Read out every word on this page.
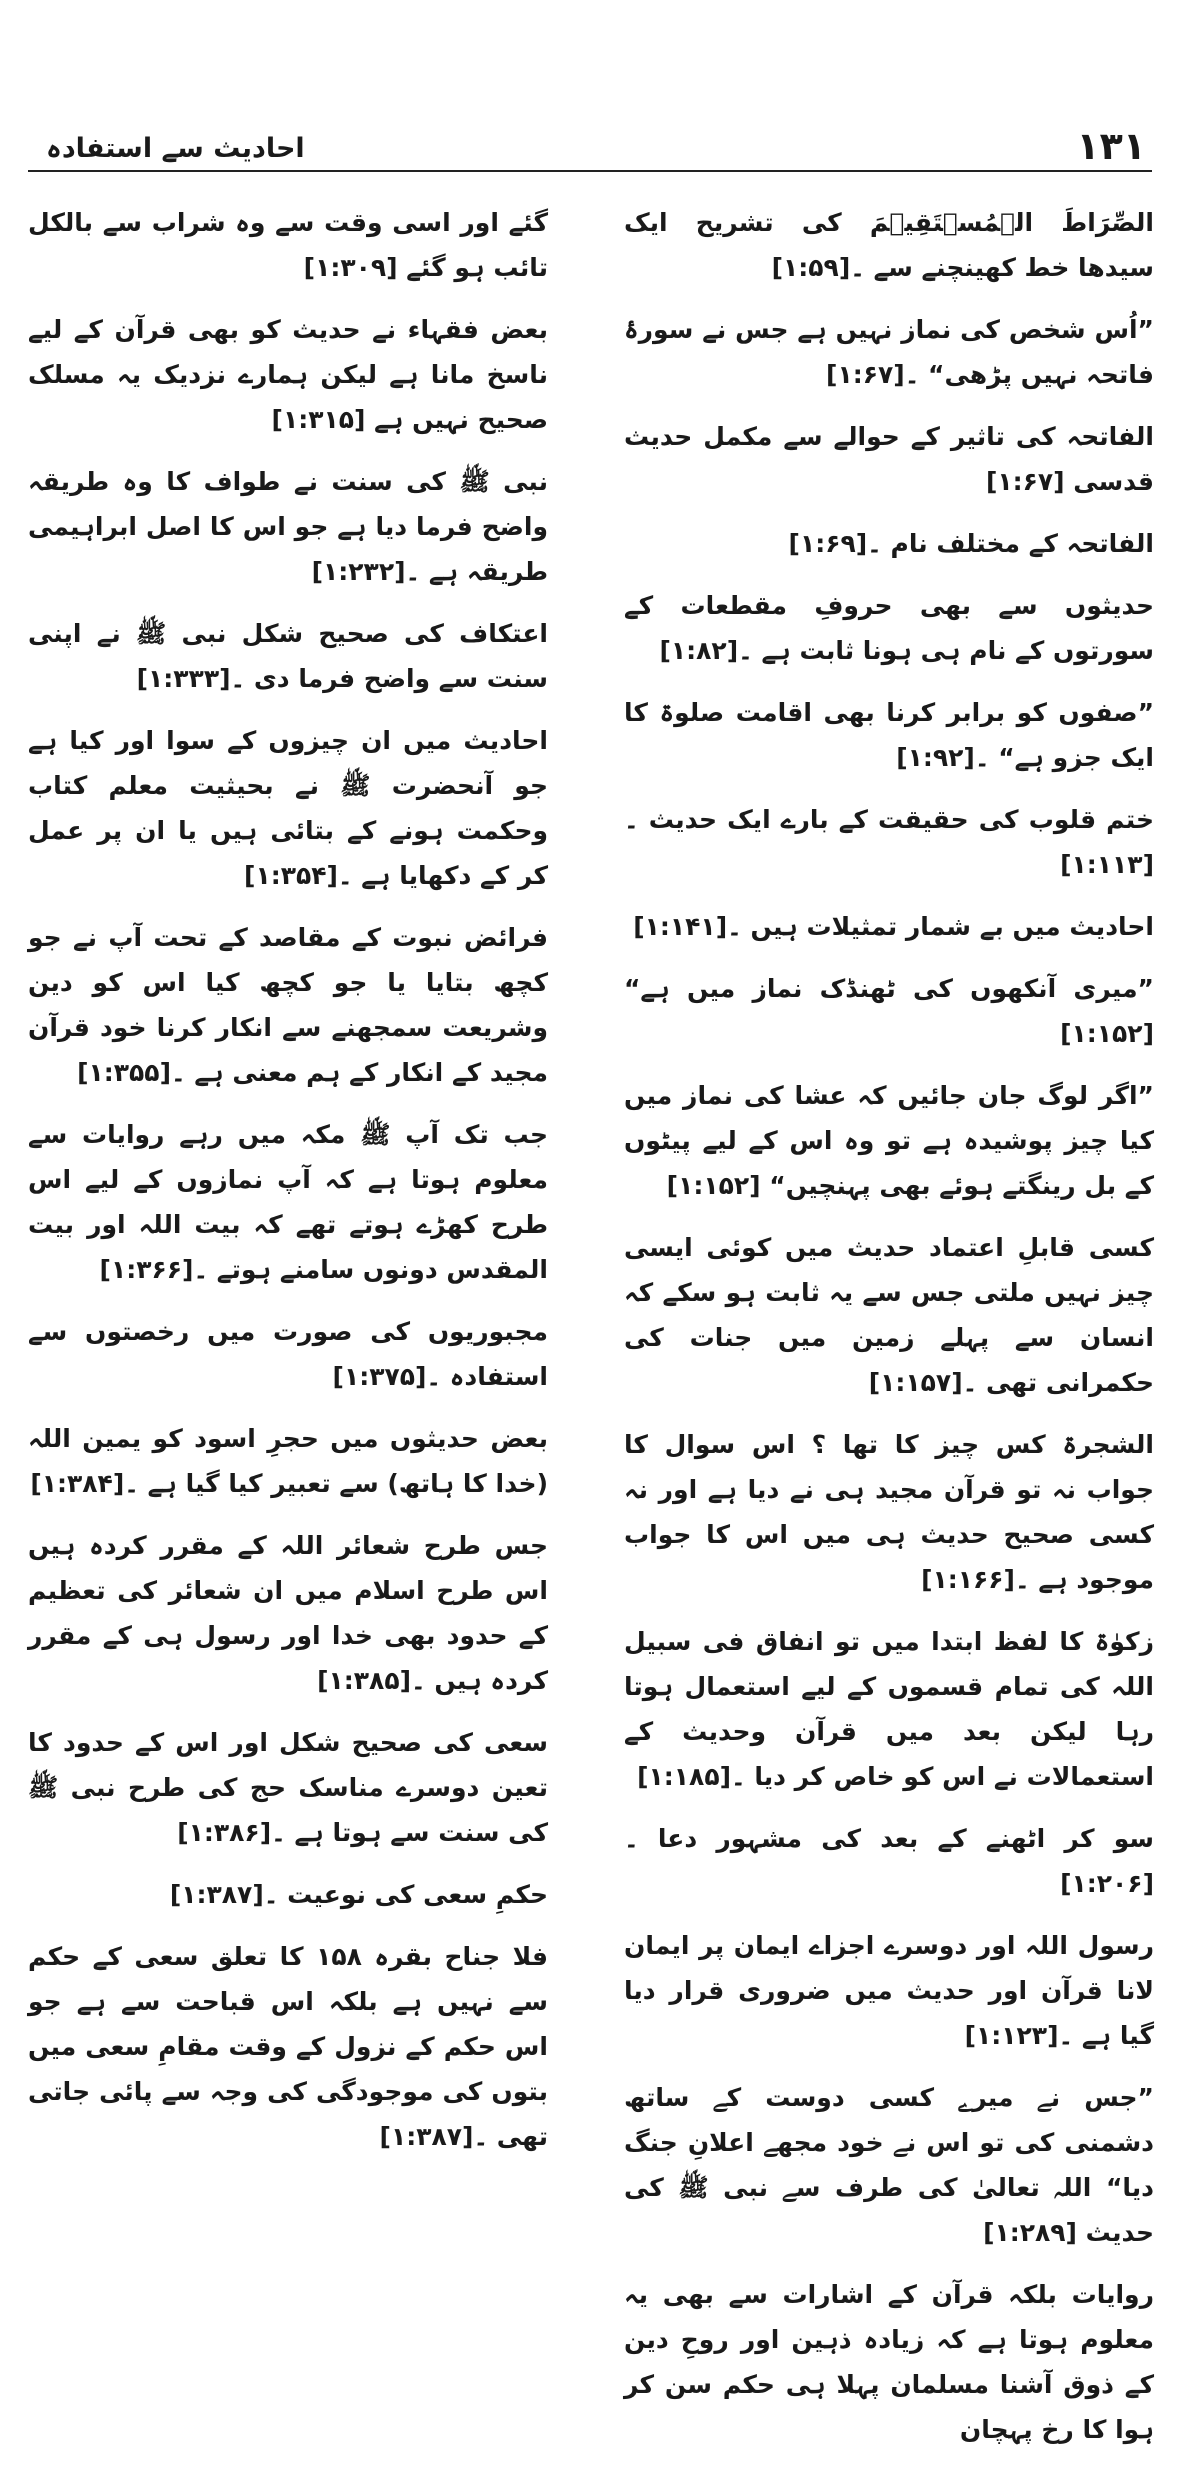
۱۳۱
احادیث سے استفادہ

الصِّرَاطَ الۡمُسۡتَقِیۡمَ کی تشریح ایک سیدھا خط کھینچنے سے ۔[۱:۵۹]

”اُس شخص کی نماز نہیں ہے جس نے سورۂ فاتحہ نہیں پڑھی“ ۔[۱:۶۷]

الفاتحہ کی تاثیر کے حوالے سے مکمل حدیث قدسی [۱:۶۷]

الفاتحہ کے مختلف نام ۔[۱:۶۹]

حدیثوں سے بھی حروفِ مقطعات کے سورتوں کے نام ہی ہونا ثابت ہے ۔[۱:۸۲]

”صفوں کو برابر کرنا بھی اقامت صلوۃ کا ایک جزو ہے“ ۔[۱:۹۲]

ختم قلوب کی حقیقت کے بارے ایک حدیث ۔[۱:۱۱۳]

احادیث میں بے شمار تمثیلات ہیں ۔[۱:۱۴۱]

”میری آنکھوں کی ٹھنڈک نماز میں ہے“ [۱:۱۵۲]

”اگر لوگ جان جائیں کہ عشا کی نماز میں کیا چیز پوشیدہ ہے تو وہ اس کے لیے پیٹوں کے بل رینگتے ہوئے بھی پہنچیں“ [۱:۱۵۲]

کسی قابلِ اعتماد حدیث میں کوئی ایسی چیز نہیں ملتی جس سے یہ ثابت ہو سکے کہ انسان سے پہلے زمین میں جنات کی حکمرانی تھی ۔[۱:۱۵۷]

الشجرۃ کس چیز کا تھا ؟ اس سوال کا جواب نہ تو قرآن مجید ہی نے دیا ہے اور نہ کسی صحیح حدیث ہی میں اس کا جواب موجود ہے ۔[۱:۱۶۶]

زکوٰۃ کا لفظ ابتدا میں تو انفاق فی سبیل اللہ کی تمام قسموں کے لیے استعمال ہوتا رہا لیکن بعد میں قرآن وحدیث کے استعمالات نے اس کو خاص کر دیا ۔[۱:۱۸۵]

سو کر اٹھنے کے بعد کی مشہور دعا ۔[۱:۲۰۶]

رسول اللہ اور دوسرے اجزاے ایمان پر ایمان لانا قرآن اور حدیث میں ضروری قرار دیا گیا ہے ۔[۱:۱۲۳]

”جس نے میرے کسی دوست کے ساتھ دشمنی کی تو اس نے خود مجھے اعلانِ جنگ دیا“ اللہ تعالیٰ کی طرف سے نبی ﷺ کی حدیث [۱:۲۸۹]

روایات بلکہ قرآن کے اشارات سے بھی یہ معلوم ہوتا ہے کہ زیادہ ذہین اور روحِ دین کے ذوق آشنا مسلمان پہلا ہی حکم سن کر ہوا کا رخ پہچان

گئے اور اسی وقت سے وہ شراب سے بالکل تائب ہو گئے [۱:۳۰۹]

بعض فقہاء نے حدیث کو بھی قرآن کے لیے ناسخ مانا ہے لیکن ہمارے نزدیک یہ مسلک صحیح نہیں ہے [۱:۳۱۵]

نبی ﷺ کی سنت نے طواف کا وہ طریقہ واضح فرما دیا ہے جو اس کا اصل ابراہیمی طریقہ ہے ۔[۱:۲۳۲]

اعتکاف کی صحیح شکل نبی ﷺ نے اپنی سنت سے واضح فرما دی ۔[۱:۳۳۳]

احادیث میں ان چیزوں کے سوا اور کیا ہے جو آنحضرت ﷺ نے بحیثیت معلم کتاب وحکمت ہونے کے بتائی ہیں یا ان پر عمل کر کے دکھایا ہے ۔[۱:۳۵۴]

فرائض نبوت کے مقاصد کے تحت آپ نے جو کچھ بتایا یا جو کچھ کیا اس کو دین وشریعت سمجھنے سے انکار کرنا خود قرآن مجید کے انکار کے ہم معنی ہے ۔[۱:۳۵۵]

جب تک آپ ﷺ مکہ میں رہے روایات سے معلوم ہوتا ہے کہ آپ نمازوں کے لیے اس طرح کھڑے ہوتے تھے کہ بیت اللہ اور بیت المقدس دونوں سامنے ہوتے ۔[۱:۳۶۶]

مجبوریوں کی صورت میں رخصتوں سے استفادہ ۔[۱:۳۷۵]

بعض حدیثوں میں حجرِ اسود کو یمین اللہ (خدا کا ہاتھ) سے تعبیر کیا گیا ہے ۔[۱:۳۸۴]

جس طرح شعائر اللہ کے مقرر کردہ ہیں اس طرح اسلام میں ان شعائر کی تعظیم کے حدود بھی خدا اور رسول ہی کے مقرر کردہ ہیں ۔[۱:۳۸۵]

سعی کی صحیح شکل اور اس کے حدود کا تعین دوسرے مناسک حج کی طرح نبی ﷺ کی سنت سے ہوتا ہے ۔[۱:۳۸۶]

حکمِ سعی کی نوعیت ۔[۱:۳۸۷]

فلا جناح بقرہ ۱۵۸ کا تعلق سعی کے حکم سے نہیں ہے بلکہ اس قباحت سے ہے جو اس حکم کے نزول کے وقت مقامِ سعی میں بتوں کی موجودگی کی وجہ سے پائی جاتی تھی ۔[۱:۳۸۷]
